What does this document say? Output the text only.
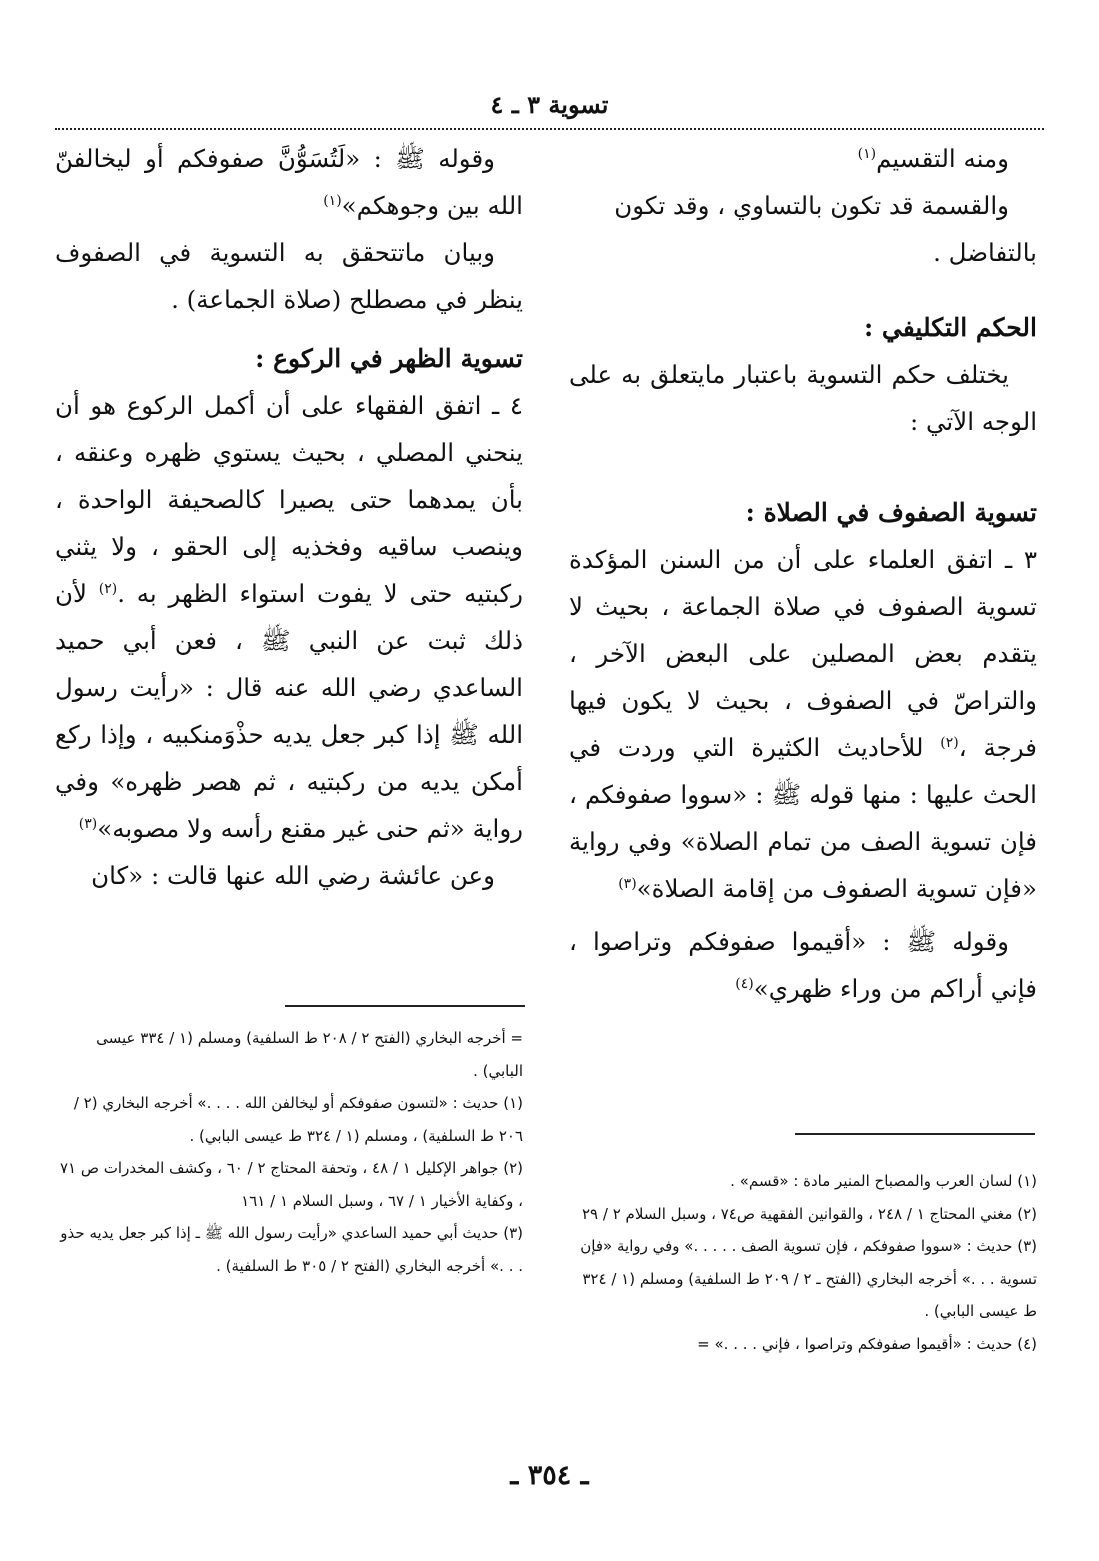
تسوية ٣ ـ ٤

ومنه التقسيم$^{(١)}$

والقسمة قد تكون بالتساوي ، وقد تكون

بالتفاضل .

الحكم التكليفي :

يختلف حكم التسوية باعتبار مايتعلق به على الوجه الآتي :

تسوية الصفوف في الصلاة :

٣ ـ اتفق العلماء على أن من السنن المؤكدة تسوية الصفوف في صلاة الجماعة ، بحيث لا يتقدم بعض المصلين على البعض الآخر ، والتراصّ في الصفوف ، بحيث لا يكون فيها فرجة ،$^{(٢)}$ للأحاديث الكثيرة التي وردت في الحث عليها : منها قوله ﷺ : «سووا صفوفكم ، فإن تسوية الصف من تمام الصلاة» وفي رواية «فإن تسوية الصفوف من إقامة الصلاة»$^{(٣)}$

وقوله ﷺ : «أقيموا صفوفكم وتراصوا ، فإني أراكم من وراء ظهري»$^{(٤)}$

وقوله ﷺ : «لَتُسَوُّنَّ صفوفكم أو ليخالفنّ الله بين وجوهكم»$^{(١)}$

وبيان ماتتحقق به التسوية في الصفوف ينظر في مصطلح (صلاة الجماعة) .

تسوية الظهر في الركوع :

٤ ـ اتفق الفقهاء على أن أكمل الركوع هو أن ينحني المصلي ، بحيث يستوي ظهره وعنقه ، بأن يمدهما حتى يصيرا كالصحيفة الواحدة ، وينصب ساقيه وفخذيه إلى الحقو ، ولا يثني ركبتيه حتى لا يفوت استواء الظهر به .$^{(٢)}$ لأن ذلك ثبت عن النبي ﷺ ، فعن أبي حميد الساعدي رضي الله عنه قال : «رأيت رسول الله ﷺ إذا كبر جعل يديه حذْوَمنكبيه ، وإذا ركع أمكن يديه من ركبتيه ، ثم هصر ظهره» وفي رواية «ثم حنى غير مقنع رأسه ولا مصوبه»$^{(٣)}$

وعن عائشة رضي الله عنها قالت : «كان

= أخرجه البخاري (الفتح ٢ / ٢٠٨ ط السلفية) ومسلم (١ / ٣٣٤ عيسى البابي) .

(١) حديث : «لتسون صفوفكم أو ليخالفن الله . . . .» أخرجه البخاري (٢ / ٢٠٦ ط السلفية) ، ومسلم (١ / ٣٢٤ ط عيسى البابي) .

(٢) جواهر الإكليل ١ / ٤٨ ، وتحفة المحتاج ٢ / ٦٠ ، وكشف المخدرات ص ٧١ ، وكفاية الأخيار ١ / ٦٧ ، وسبل السلام ١ / ١٦١

(٣) حديث أبي حميد الساعدي «رأيت رسول الله ﷺ ـ إذا كبر جعل يديه حذو . . .» أخرجه البخاري (الفتح ٢ / ٣٠٥ ط السلفية) .

(١) لسان العرب والمصباح المنير مادة : «قسم» .

(٢) مغني المحتاج ١ / ٢٤٨ ، والقوانين الفقهية ص٧٤ ، وسبل السلام ٢ / ٢٩

(٣) حديث : «سووا صفوفكم ، فإن تسوية الصف . . . . .» وفي رواية «فإن تسوية . . .» أخرجه البخاري (الفتح ـ ٢ / ٢٠٩ ط السلفية) ومسلم (١ / ٣٢٤ ط عيسى البابي) .

(٤) حديث : «أقيموا صفوفكم وتراصوا ، فإني . . . .» =

ـ ٣٥٤ ـ
